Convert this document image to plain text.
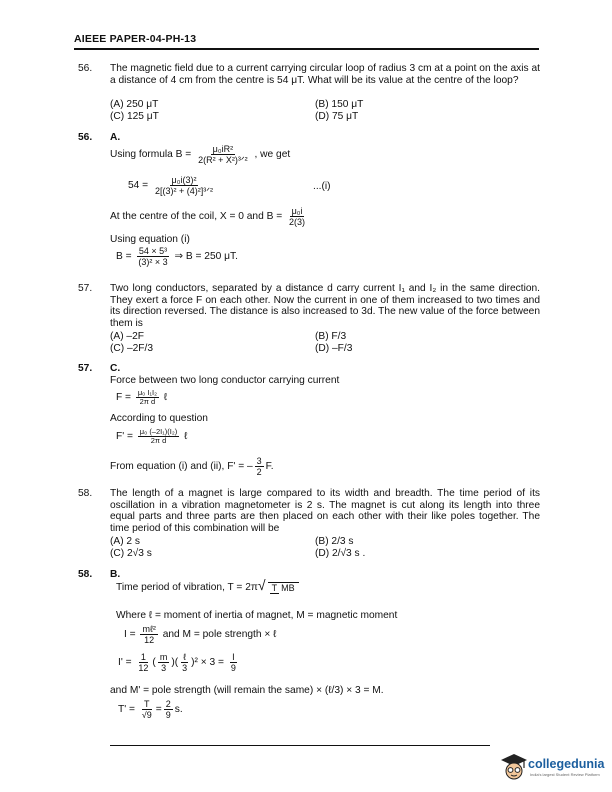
AIEEE PAPER-04-PH-13
56. The magnetic field due to a current carrying circular loop of radius 3 cm at a point on the axis at a distance of 4 cm from the centre is 54 μT. What will be its value at the centre of the loop?
(A) 250 μT	(B) 150 μT
(C) 125 μT	(D) 75 μT
56. A.
Using formula $B = \frac{\text{μ₀iR²}}{\text{2(R² + X²)³ᐟ²}}$ , we get
$54 = \frac{\text{μ₀i(3)²}}{\text{2[(3)² + (4)²]³ᐟ²}}$	...(i)
At the centre of the coil, X = 0 and $B = \frac{\text{μ₀i}}{2(3)}$
Using equation (i)
$B = \frac{\text{54 × 5³}}{\text{(3)² × 3}}$ ⇒ B = 250 μT.
57. Two long conductors, separated by a distance d carry current I₁ and I₂ in the same direction. They exert a force F on each other. Now the current in one of them increased to two times and its direction reversed. The distance is also increased to 3d. The new value of the force between them is
(A) –2F	(B) F/3
(C) –2F/3	(D) –F/3
57. C.
Force between two long conductor carrying current
$F = \frac{\text{μ₀ I₁I₂}}{\text{2π d}}$ ℓ
According to question
$F' = \frac{\text{μ₀ (–2I₁)(I₂)}}{\text{2π d}}$ ℓ
From equation (i) and (ii), F' = – $\frac{3}{2} F$.
58. The length of a magnet is large compared to its width and breadth. The time period of its oscillation in a vibration magnetometer is 2 s. The magnet is cut along its length into three equal parts and three parts are then placed on each other with their like poles together. The time period of this combination will be
(A) 2 s	(B) 2/3 s
(C) 2√3 s	(D) 2/√3 s .
58. B.
Time period of vibration, T = 2π√ T MB
Where ℓ = moment of inertia of magnet, M = magnetic moment
$I = \frac{\text{mℓ²}}{12}$ and M = pole strength × ℓ
$I' = \frac{1}{12}$ ( $\frac{m}{3}$ )( $\frac{\text{ℓ}}{3} )^2 \times 3 = \frac{I}{9}$
and M' = pole strength (will remain the same) × (ℓ/3) × 3 = M.
$T' = \frac{T}{√9} = \frac{2}{9} s$.
collegedunia
India's largest Student Review Platform
